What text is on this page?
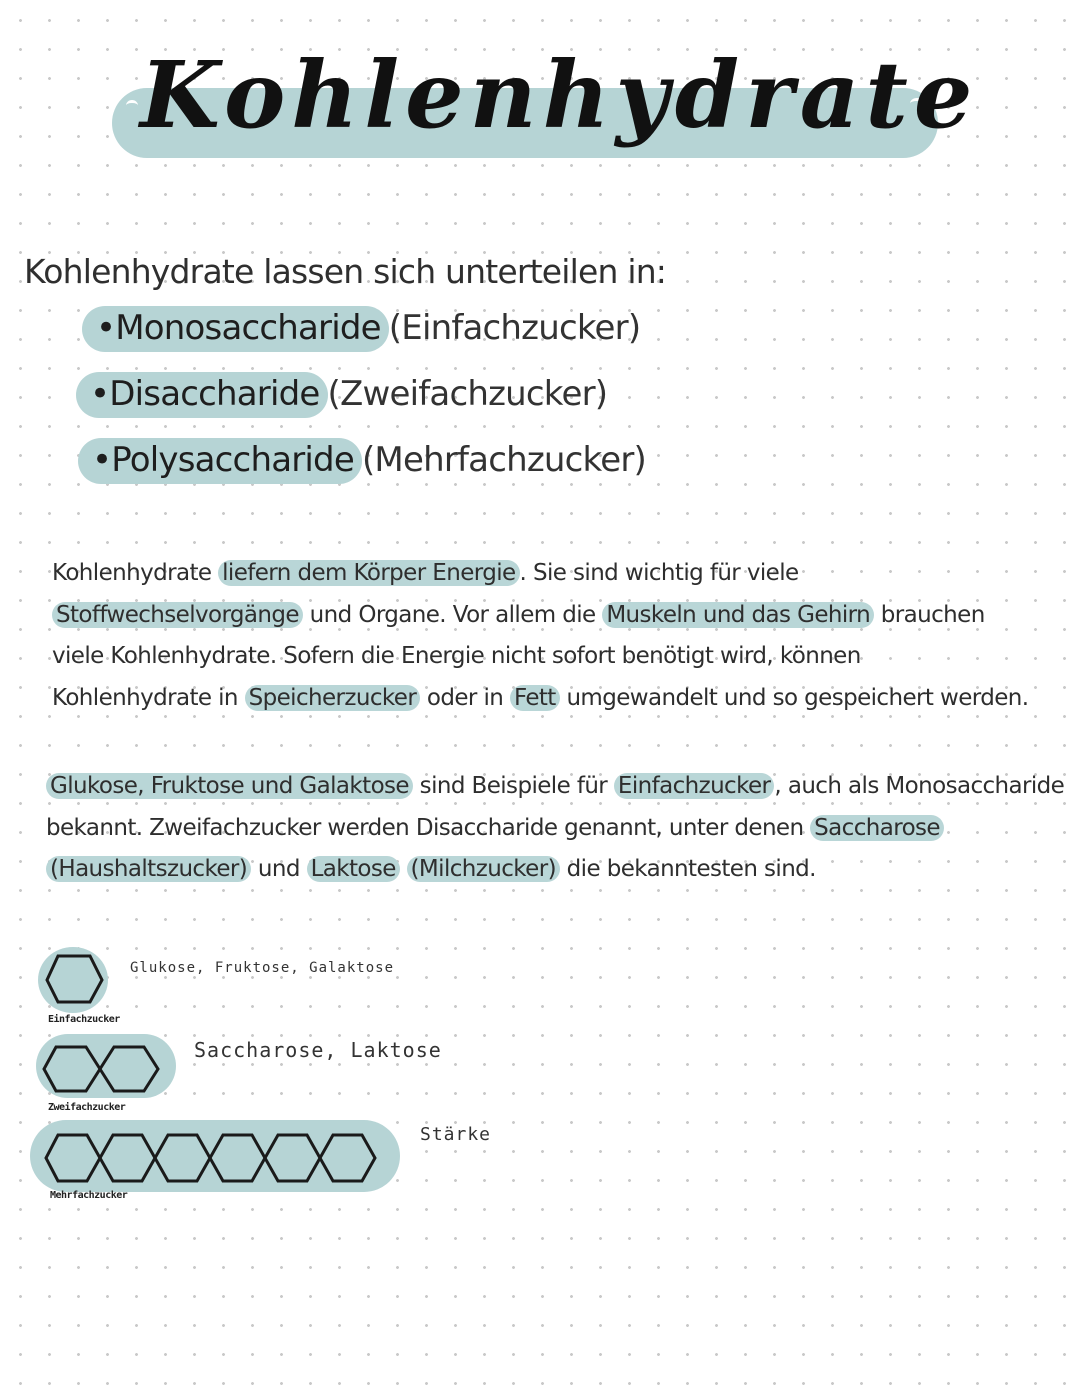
Kohlenhydrate
Kohlenhydrate lassen sich unterteilen in:
•Monosaccharide (Einfachzucker)
•Disaccharide (Zweifachzucker)
•Polysaccharide (Mehrfachzucker)
Kohlenhydrate liefern dem Körper Energie . Sie sind wichtig für viele
Stoffwechselvorgänge und Organe. Vor allem die Muskeln und das Gehirn brauchen
viele Kohlenhydrate. Sofern die Energie nicht sofort benötigt wird, können
Kohlenhydrate in Speicherzucker oder in Fett umgewandelt und so gespeichert werden.
Glukose, Fruktose und Galaktose sind Beispiele für Einfachzucker , auch als Monosaccharide
bekannt. Zweifachzucker werden Disaccharide genannt, unter denen Saccharose
(Haushaltszucker) und Laktose (Milchzucker) die bekanntesten sind.
Glukose, Fruktose, Galaktose
Einfachzucker
Saccharose, Laktose
Zweifachzucker
Stärke
Mehrfachzucker
